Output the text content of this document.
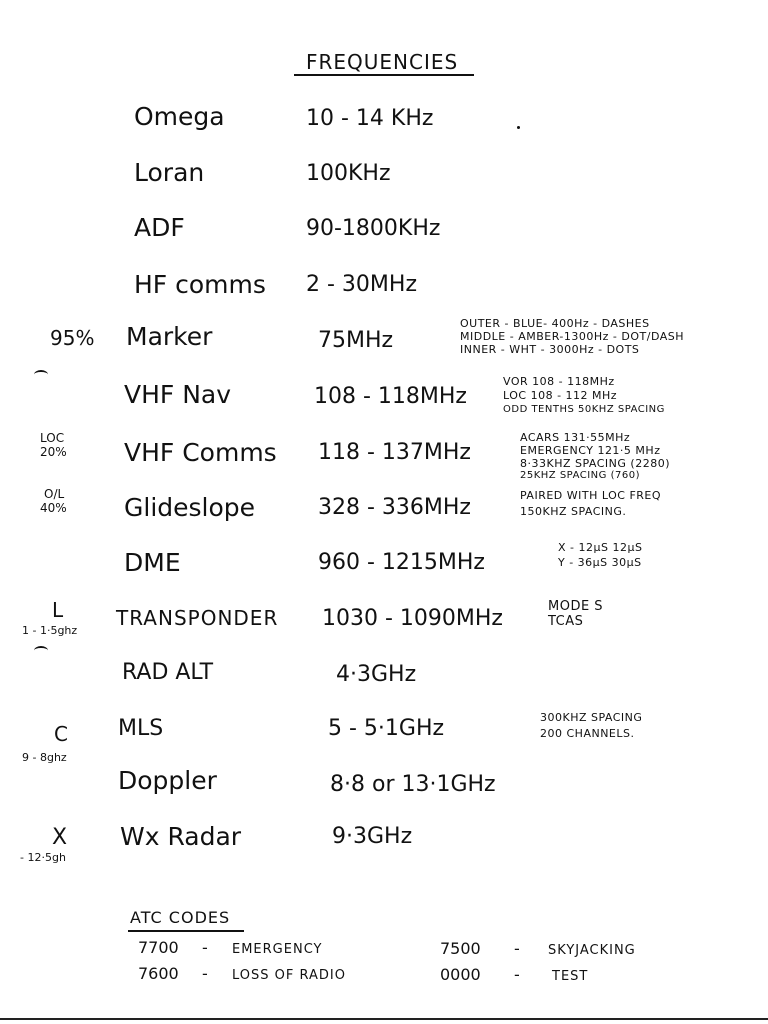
FREQUENCIES
Omega	10 - 14 KHz
Loran	100KHz
ADF	90-1800KHz
HF comms 2 - 30MHz
95% Marker	75MHz
OUTER - BLUE- 400Hz - DASHES
MIDDLE - AMBER-1300Hz - DOT/DASH
INNER - WHT - 3000Hz - DOTS
VHF Nav	108 - 118MHz
VOR 108 - 118MHz
LOC 108 - 112 MHz
ODD TENTHS 50KHZ SPACING
LOC
20% VHF Comms 118 - 137MHz
ACARS 131·55MHz
EMERGENCY 121·5 MHz
8·33KHZ SPACING (2280)
25KHZ SPACING (760)
O/L
40% Glideslope	328 - 336MHz	PAIRED WITH LOC FREQ
150KHZ SPACING.
DME	960 - 1215MHz
X - 12µS 12µS
Y - 36µS 30µS
L
1 - 1·5ghz
TRANSPONDER 1030 - 1090MHz	MODE S
TCAS
RAD ALT	4·3GHz
C
9 - 8ghz
MLS	5 - 5·1GHz	300KHZ SPACING
200 CHANNELS.
Doppler	8·8 or 13·1GHz
X
- 12·5gh
Wx Radar	9·3GHz
ATC CODES
7700 - EMERGENCY
7600 - LOSS OF RADIO
7500 - SKYJACKING
0000 - TEST
